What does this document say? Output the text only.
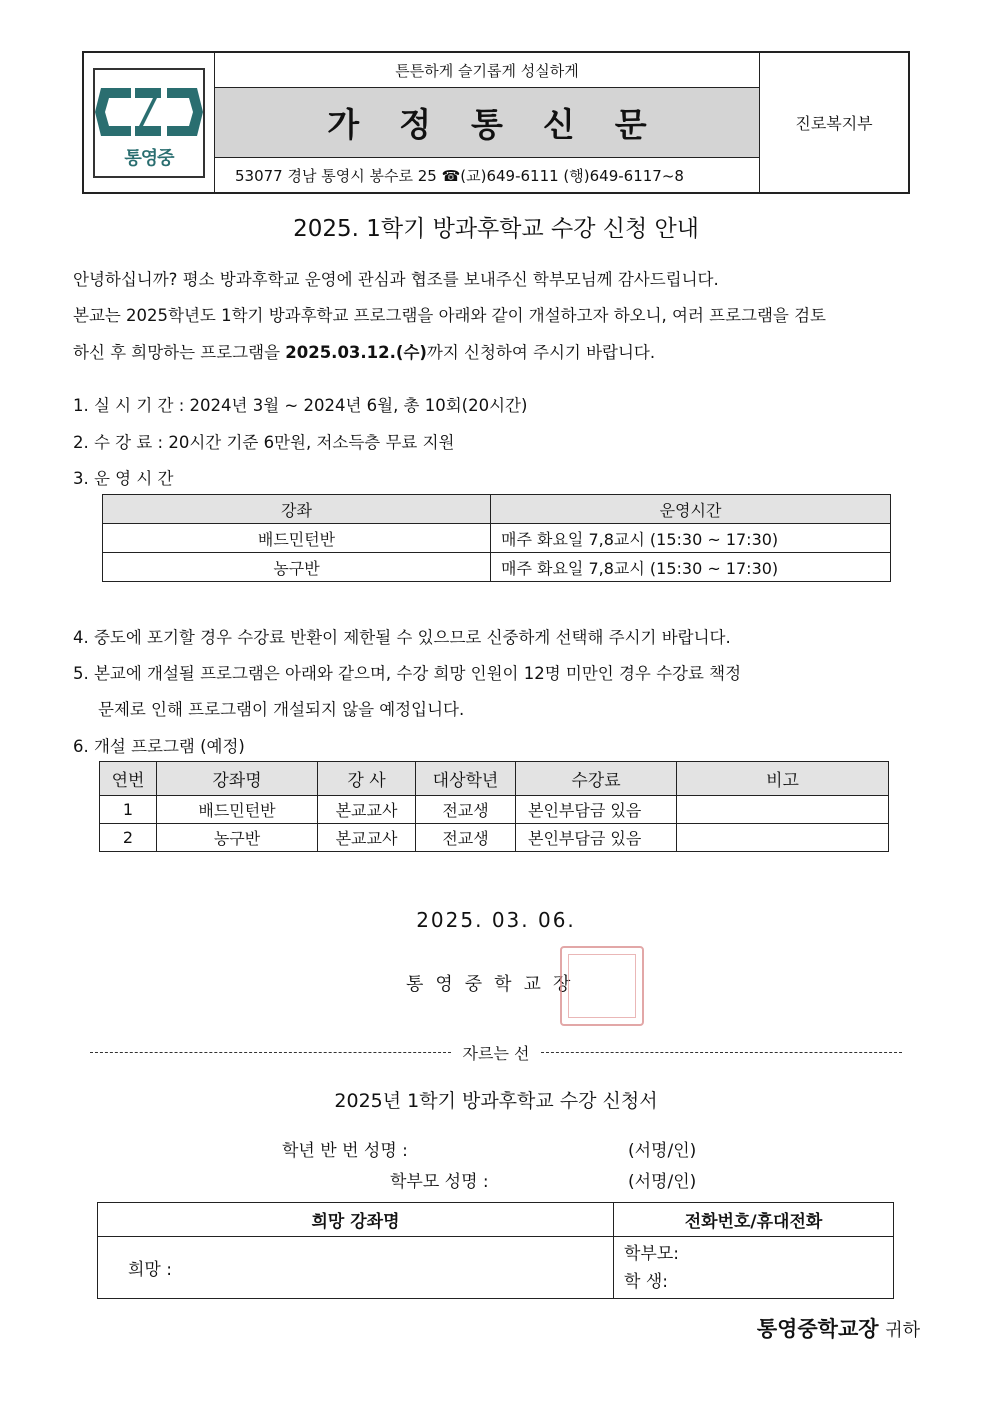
통영중
튼튼하게 슬기롭게 성실하게
가정통신문
53077 경남 통영시 봉수로 25 ☎(교)649-6111 (행)649-6117~8
진로복지부
2025. 1학기 방과후학교 수강 신청 안내
안녕하십니까? 평소 방과후학교 운영에 관심과 협조를 보내주신 학부모님께 감사드립니다.
본교는 2025학년도 1학기 방과후학교 프로그램을 아래와 같이 개설하고자 하오니, 여러 프로그램을 검토
하신 후 희망하는 프로그램을 2025.03.12.(수)까지 신청하여 주시기 바랍니다.
1. 실 시 기 간 : 2024년 3월 ~ 2024년 6월, 총 10회(20시간)
2. 수 강 료 : 20시간 기준 6만원, 저소득층 무료 지원
3. 운 영 시 간
강좌	운영시간
배드민턴반	매주 화요일 7,8교시 (15:30 ~ 17:30)
농구반	매주 화요일 7,8교시 (15:30 ~ 17:30)
4. 중도에 포기할 경우 수강료 반환이 제한될 수 있으므로 신중하게 선택해 주시기 바랍니다.
5. 본교에 개설될 프로그램은 아래와 같으며, 수강 희망 인원이 12명 미만인 경우 수강료 책정
문제로 인해 프로그램이 개설되지 않을 예정입니다.
6. 개설 프로그램 (예정)
연번	강좌명	강 사	대상학년	수강료	비고
1	배드민턴반	본교교사	전교생	본인부담금 있음	
2	농구반	본교교사	전교생	본인부담금 있음	
2025. 03. 06.
통영중학교장
자르는 선
2025년 1학기 방과후학교 수강 신청서
학년 반 번 성명 :	(서명/인)
학부모 성명 :	(서명/인)
희망 강좌명	전화번호/휴대전화
희망 :	학부모:
학 생:
통영중학교장 귀하
